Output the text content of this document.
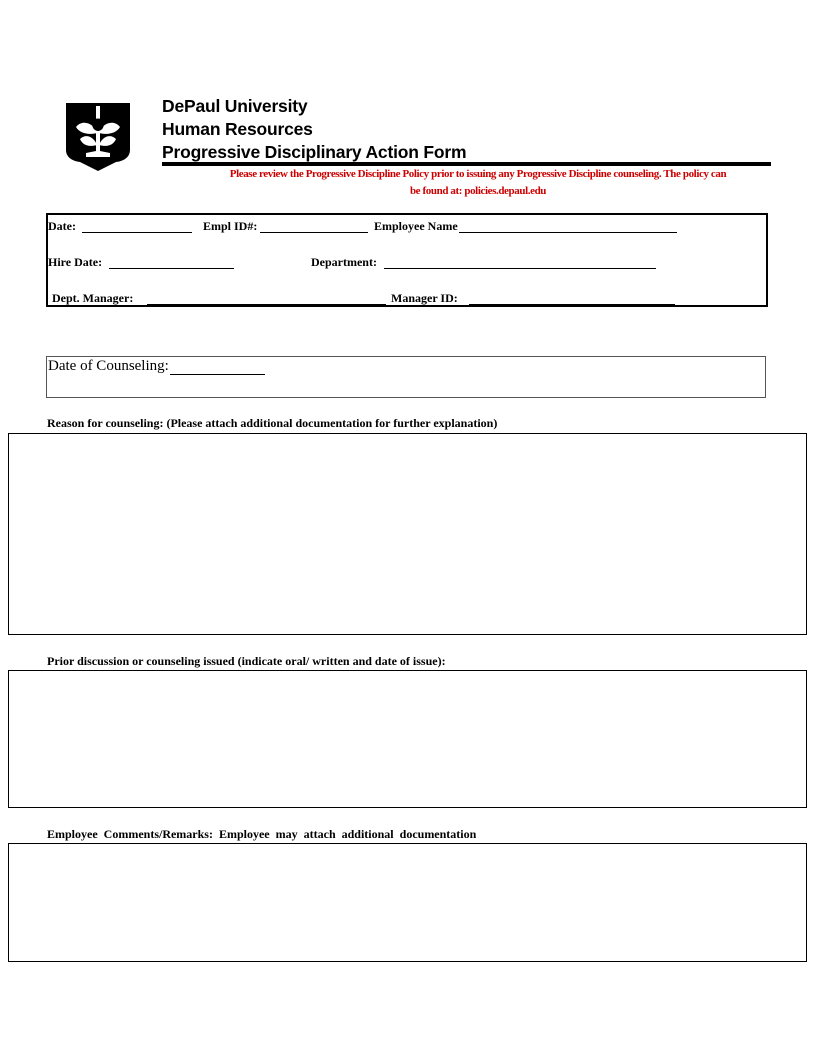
DePaul University
Human Resources
Progressive Disciplinary Action Form
Please review the Progressive Discipline Policy prior to issuing any Progressive Discipline counseling. The policy can
be found at: policies.depaul.edu
Date:	Empl ID#:	Employee Name
Hire Date:	Department:
Dept. Manager:	Manager ID:
Date of Counseling:
Reason for counseling: (Please attach additional documentation for further explanation)
Prior discussion or counseling issued (indicate oral/ written and date of issue):
Employee Comments/Remarks: Employee may attach additional documentation
